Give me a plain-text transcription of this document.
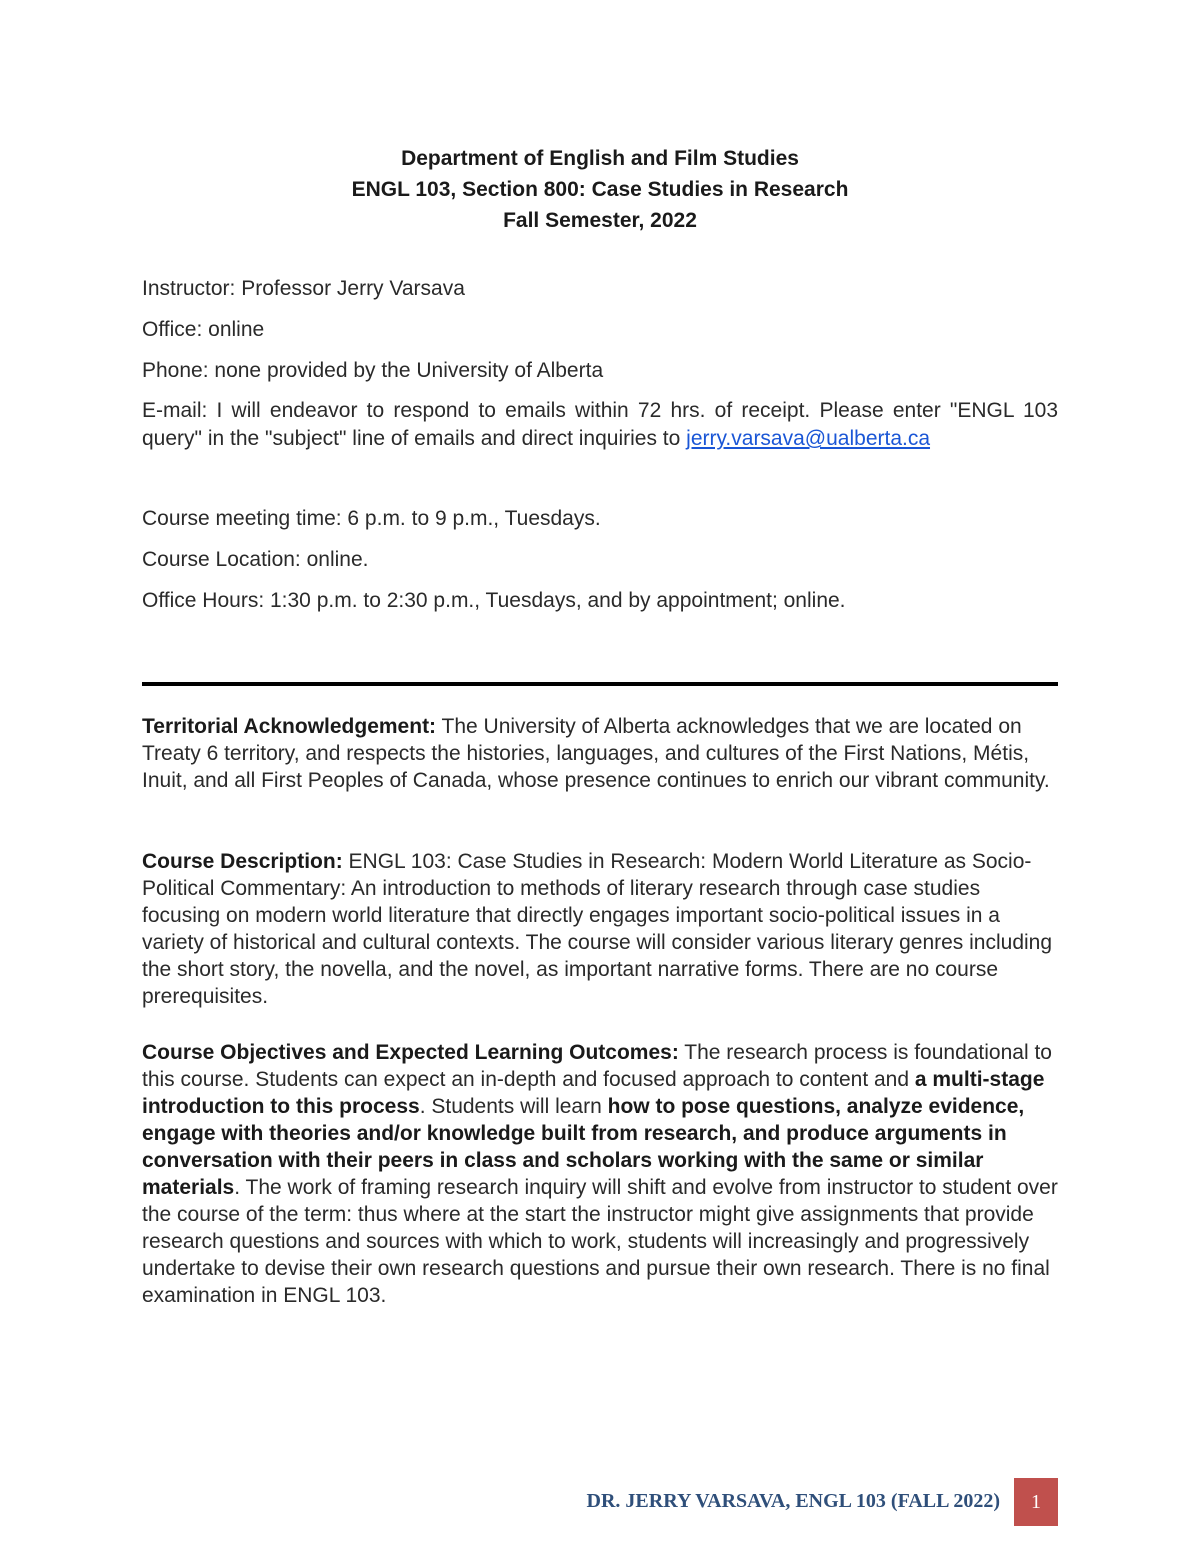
Department of English and Film Studies
ENGL 103, Section 800: Case Studies in Research
Fall Semester, 2022
Instructor: Professor Jerry Varsava
Office: online
Phone: none provided by the University of Alberta
E-mail: I will endeavor to respond to emails within 72 hrs. of receipt. Please enter "ENGL 103 query" in the "subject" line of emails and direct inquiries to jerry.varsava@ualberta.ca
Course meeting time: 6 p.m. to 9 p.m., Tuesdays.
Course Location: online.
Office Hours: 1:30 p.m. to 2:30 p.m., Tuesdays, and by appointment; online.
Territorial Acknowledgement: The University of Alberta acknowledges that we are located on Treaty 6 territory, and respects the histories, languages, and cultures of the First Nations, Métis, Inuit, and all First Peoples of Canada, whose presence continues to enrich our vibrant community.
Course Description: ENGL 103: Case Studies in Research: Modern World Literature as Socio-Political Commentary: An introduction to methods of literary research through case studies focusing on modern world literature that directly engages important socio-political issues in a variety of historical and cultural contexts. The course will consider various literary genres including the short story, the novella, and the novel, as important narrative forms. There are no course prerequisites.
Course Objectives and Expected Learning Outcomes: The research process is foundational to this course. Students can expect an in-depth and focused approach to content and a multi-stage introduction to this process. Students will learn how to pose questions, analyze evidence, engage with theories and/or knowledge built from research, and produce arguments in conversation with their peers in class and scholars working with the same or similar materials. The work of framing research inquiry will shift and evolve from instructor to student over the course of the term: thus where at the start the instructor might give assignments that provide research questions and sources with which to work, students will increasingly and progressively undertake to devise their own research questions and pursue their own research. There is no final examination in ENGL 103.
DR. JERRY VARSAVA, ENGL 103 (FALL 2022) 1
